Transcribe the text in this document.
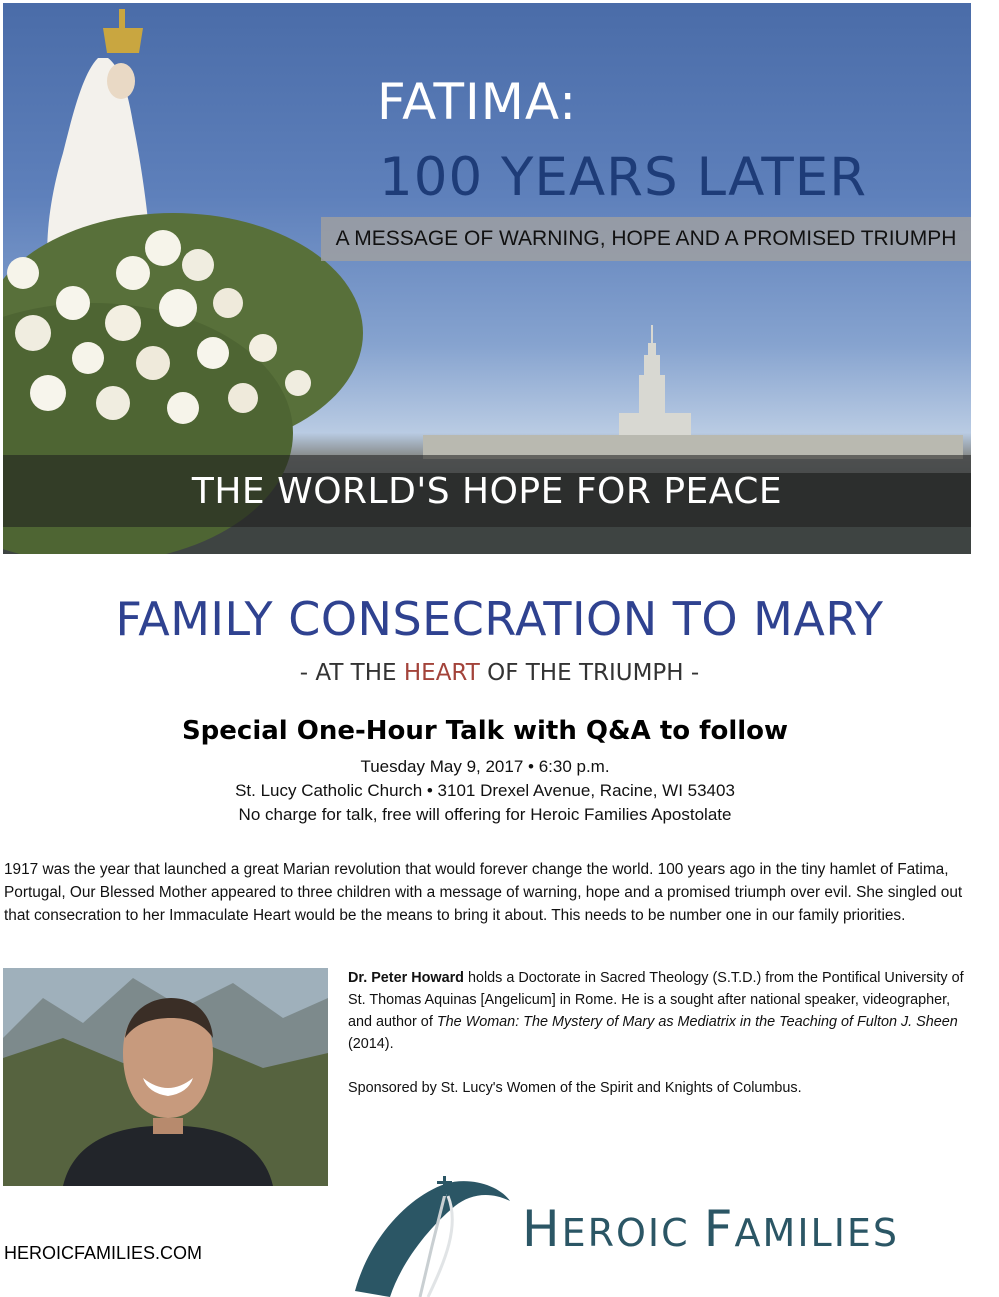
FATIMA:
100 YEARS LATER
A MESSAGE OF WARNING, HOPE AND A PROMISED TRIUMPH
THE WORLD'S HOPE FOR PEACE
FAMILY CONSECRATION TO MARY

- AT THE HEART OF THE TRIUMPH -

Special One-Hour Talk with Q&A to follow
Tuesday May 9, 2017 • 6:30 p.m.
St. Lucy Catholic Church • 3101 Drexel Avenue, Racine, WI 53403
No charge for talk, free will offering for Heroic Families Apostolate

1917 was the year that launched a great Marian revolution that would forever change the world. 100 years ago in the tiny hamlet of Fatima, Portugal, Our Blessed Mother appeared to three children with a message of warning, hope and a promised triumph over evil. She singled out that consecration to her Immaculate Heart would be the means to bring it about. This needs to be number one in our family priorities.

Dr. Peter Howard holds a Doctorate in Sacred Theology (S.T.D.) from the Pontifical University of St. Thomas Aquinas [Angelicum] in Rome. He is a sought after national speaker, videographer, and author of The Woman: The Mystery of Mary as Mediatrix in the Teaching of Fulton J. Sheen (2014).

Sponsored by St. Lucy's Women of the Spirit and Knights of Columbus.

HEROICFAMILIES.COM	HEROIC FAMILIES
